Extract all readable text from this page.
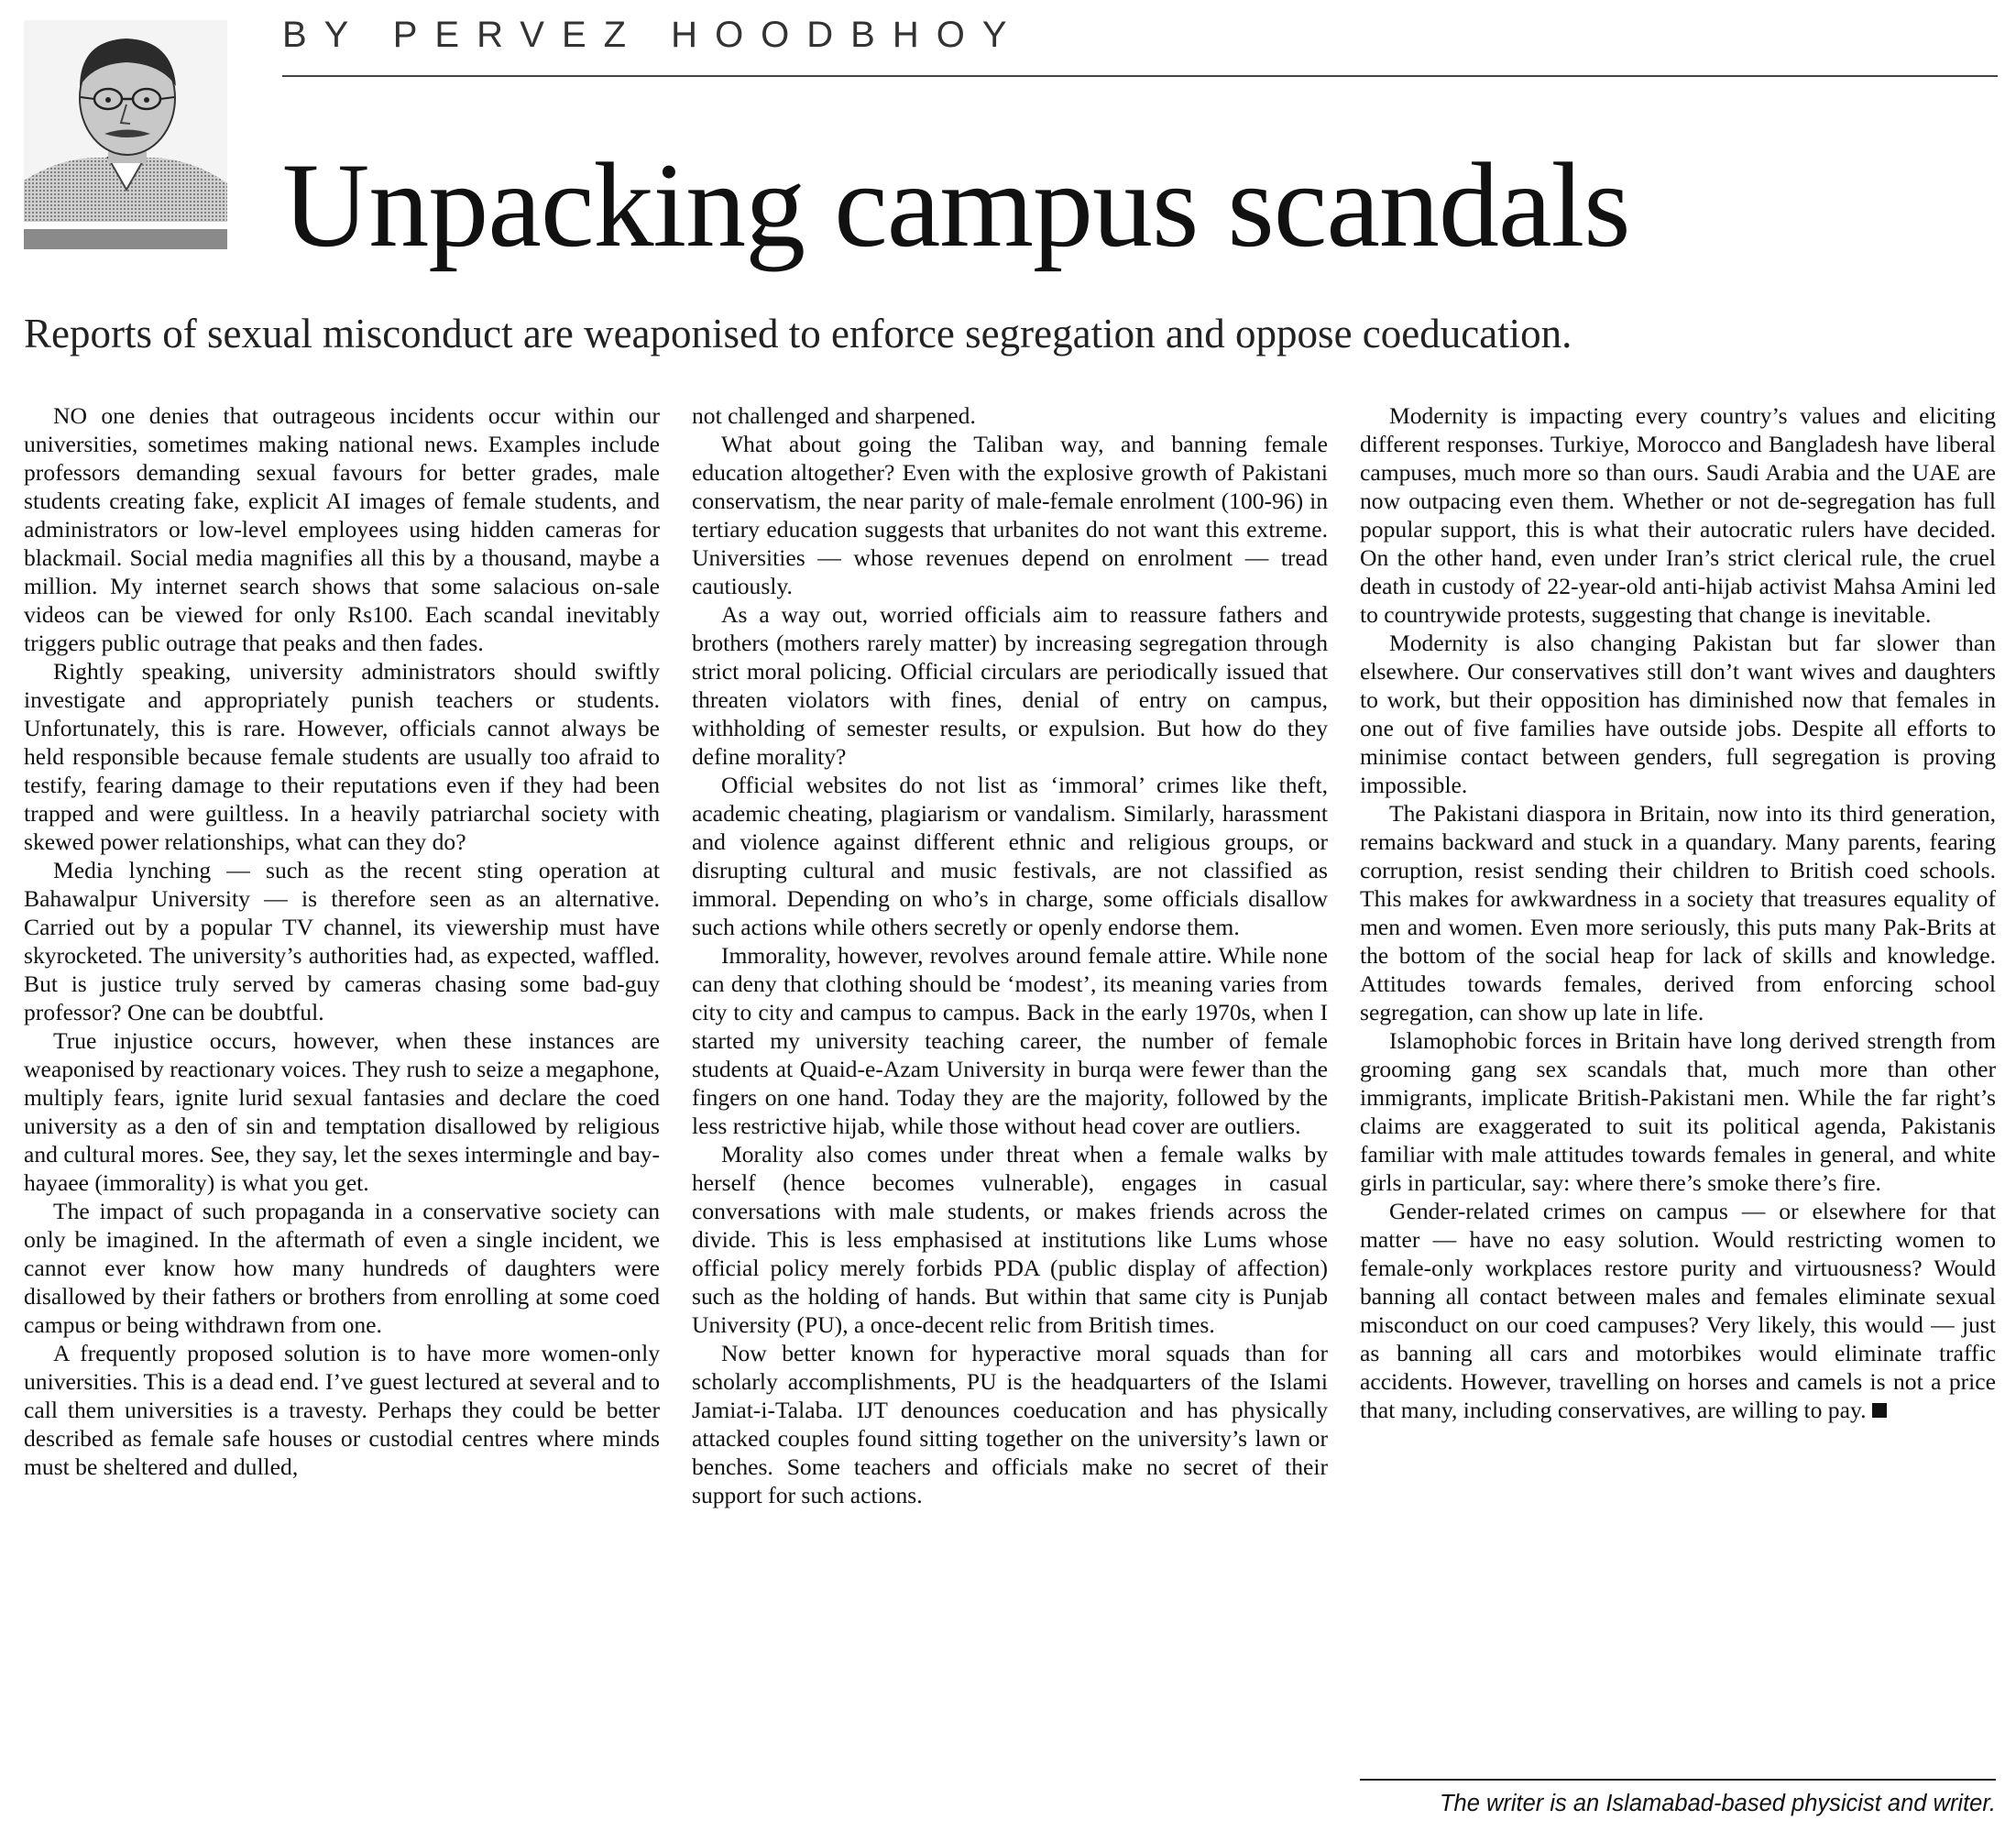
BY PERVEZ HOODBHOY
Unpacking campus scandals
Reports of sexual misconduct are weaponised to enforce segregation and oppose coeducation.

NO one denies that outrageous incidents occur within our universities, sometimes making national news. Examples include professors demanding sexual favours for better grades, male students creating fake, explicit AI images of female students, and administrators or low-level employees using hidden cameras for blackmail. Social media magnifies all this by a thousand, maybe a million. My internet search shows that some salacious on-sale videos can be viewed for only Rs100. Each scandal inevitably triggers public outrage that peaks and then fades.

Rightly speaking, university administrators should swiftly investigate and appropriately punish teachers or students. Unfortunately, this is rare. However, officials cannot always be held responsible because female students are usually too afraid to testify, fearing damage to their reputations even if they had been trapped and were guiltless. In a heavily patriarchal society with skewed power relationships, what can they do?

Media lynching — such as the recent sting operation at Bahawalpur University — is therefore seen as an alternative. Carried out by a popular TV channel, its viewership must have skyrocketed. The university’s authorities had, as expected, waffled. But is justice truly served by cameras chasing some bad-guy professor? One can be doubtful.

True injustice occurs, however, when these instances are weaponised by reactionary voices. They rush to seize a megaphone, multiply fears, ignite lurid sexual fantasies and declare the coed university as a den of sin and temptation disallowed by religious and cultural mores. See, they say, let the sexes intermingle and bay-hayaee (immorality) is what you get.

The impact of such propaganda in a conservative society can only be imagined. In the aftermath of even a single incident, we cannot ever know how many hundreds of daughters were disallowed by their fathers or brothers from enrolling at some coed campus or being withdrawn from one.

A frequently proposed solution is to have more women-only universities. This is a dead end. I’ve guest lectured at several and to call them universities is a travesty. Perhaps they could be better described as female safe houses or custodial centres where minds must be sheltered and dulled,

not challenged and sharpened.

What about going the Taliban way, and banning female education altogether? Even with the explosive growth of Pakistani conservatism, the near parity of male-female enrolment (100-96) in tertiary education suggests that urbanites do not want this extreme. Universities — whose revenues depend on enrolment — tread cautiously.

As a way out, worried officials aim to reassure fathers and brothers (mothers rarely matter) by increasing segregation through strict moral policing. Official circulars are periodically issued that threaten violators with fines, denial of entry on campus, withholding of semester results, or expulsion. But how do they define morality?

Official websites do not list as ‘immoral’ crimes like theft, academic cheating, plagiarism or vandalism. Similarly, harassment and violence against different ethnic and religious groups, or disrupting cultural and music festivals, are not classified as immoral. Depending on who’s in charge, some officials disallow such actions while others secretly or openly endorse them.

Immorality, however, revolves around female attire. While none can deny that clothing should be ‘modest’, its meaning varies from city to city and campus to campus. Back in the early 1970s, when I started my university teaching career, the number of female students at Quaid-e-Azam University in burqa were fewer than the fingers on one hand. Today they are the majority, followed by the less restrictive hijab, while those without head cover are outliers.

Morality also comes under threat when a female walks by herself (hence becomes vulnerable), engages in casual conversations with male students, or makes friends across the divide. This is less emphasised at institutions like Lums whose official policy merely forbids PDA (public display of affection) such as the holding of hands. But within that same city is Punjab University (PU), a once-decent relic from British times.

Now better known for hyperactive moral squads than for scholarly accomplishments, PU is the headquarters of the Islami Jamiat-i-Talaba. IJT denounces coeducation and has physically attacked couples found sitting together on the university’s lawn or benches. Some teachers and officials make no secret of their support for such actions.

Modernity is impacting every country’s values and eliciting different responses. Turkiye, Morocco and Bangladesh have liberal campuses, much more so than ours. Saudi Arabia and the UAE are now outpacing even them. Whether or not de-segregation has full popular support, this is what their autocratic rulers have decided. On the other hand, even under Iran’s strict clerical rule, the cruel death in custody of 22-year-old anti-hijab activist Mahsa Amini led to countrywide protests, suggesting that change is inevitable.

Modernity is also changing Pakistan but far slower than elsewhere. Our conservatives still don’t want wives and daughters to work, but their opposition has diminished now that females in one out of five families have outside jobs. Despite all efforts to minimise contact between genders, full segregation is proving impossible.

The Pakistani diaspora in Britain, now into its third generation, remains backward and stuck in a quandary. Many parents, fearing corruption, resist sending their children to British coed schools. This makes for awkwardness in a society that treasures equality of men and women. Even more seriously, this puts many Pak-Brits at the bottom of the social heap for lack of skills and knowledge. Attitudes towards females, derived from enforcing school segregation, can show up late in life.

Islamophobic forces in Britain have long derived strength from grooming gang sex scandals that, much more than other immigrants, implicate British-Pakistani men. While the far right’s claims are exaggerated to suit its political agenda, Pakistanis familiar with male attitudes towards females in general, and white girls in particular, say: where there’s smoke there’s fire.

Gender-related crimes on campus — or elsewhere for that matter — have no easy solution. Would restricting women to female-only workplaces restore purity and virtuousness? Would banning all contact between males and females eliminate sexual misconduct on our coed campuses? Very likely, this would — just as banning all cars and motorbikes would eliminate traffic accidents. However, travelling on horses and camels is not a price that many, including conservatives, are willing to pay.

The writer is an Islamabad-based physicist and writer.
